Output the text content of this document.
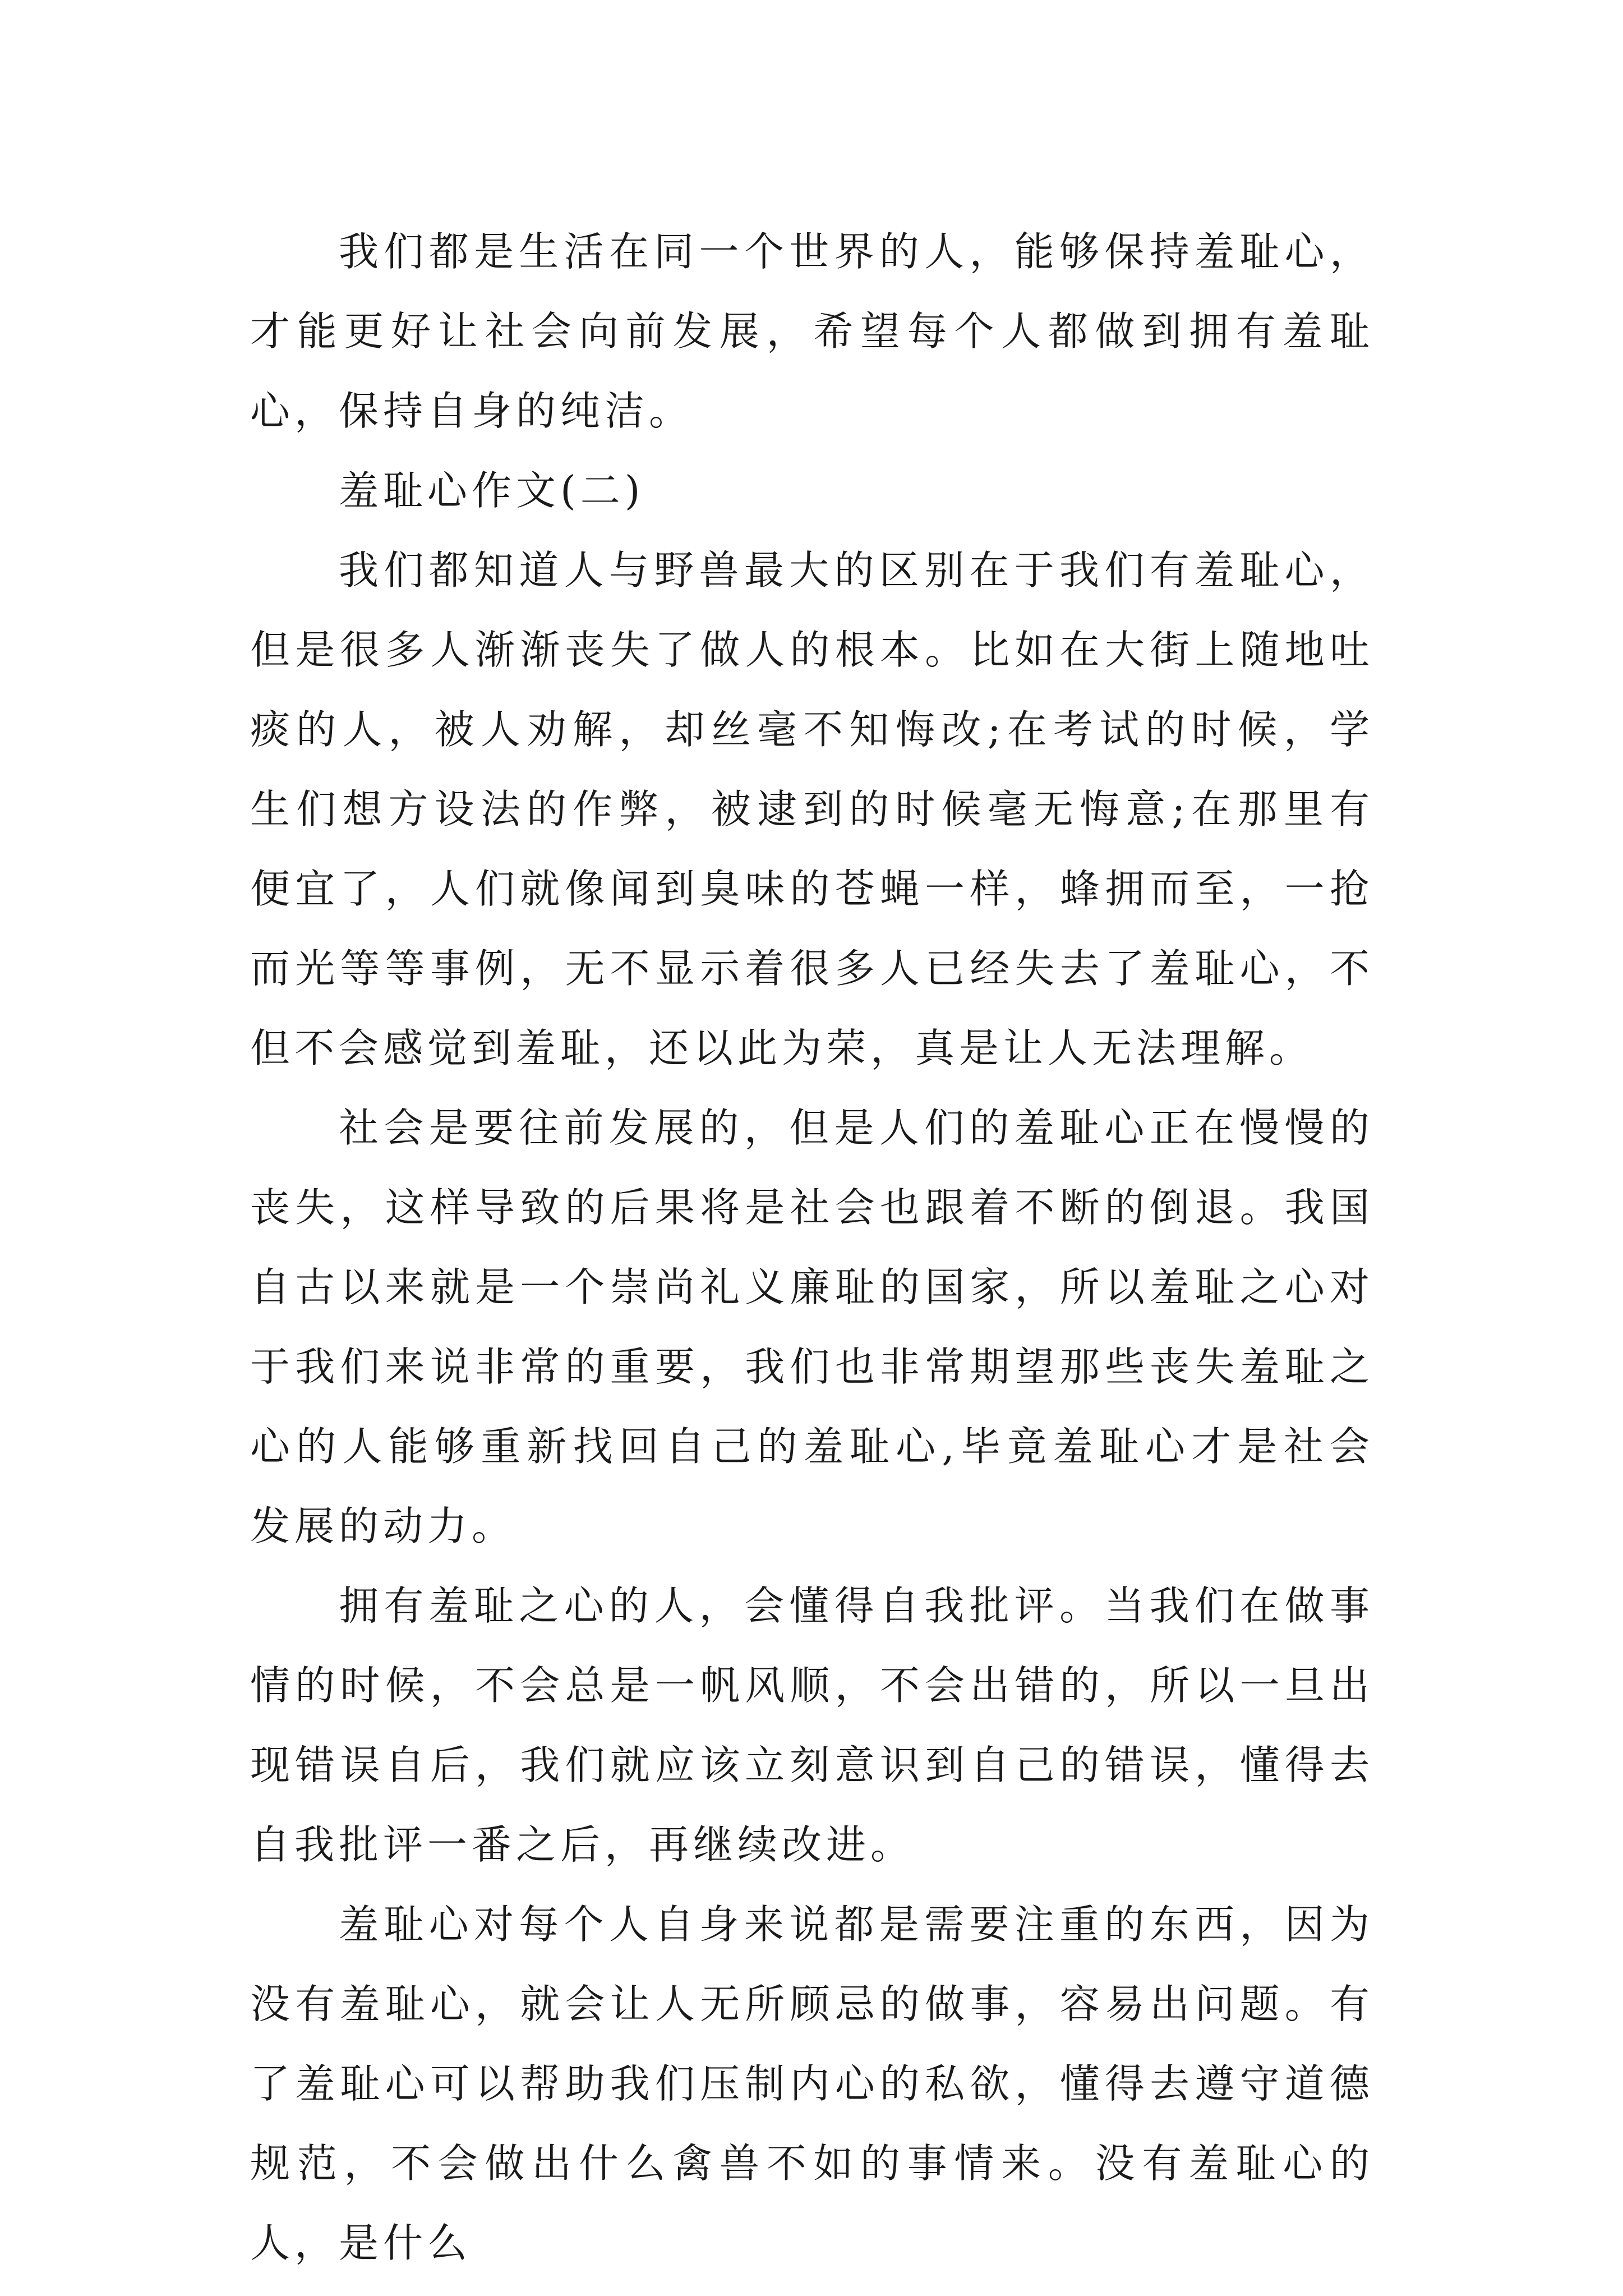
我们都是生活在同一个世界的人，能够保持羞耻心，才能更好让社会向前发展，希望每个人都做到拥有羞耻心，保持自身的纯洁。

羞耻心作文(二)

我们都知道人与野兽最大的区别在于我们有羞耻心，但是很多人渐渐丧失了做人的根本。比如在大街上随地吐痰的人，被人劝解，却丝毫不知悔改;在考试的时候，学生们想方设法的作弊，被逮到的时候毫无悔意;在那里有便宜了，人们就像闻到臭味的苍蝇一样，蜂拥而至，一抢而光等等事例，无不显示着很多人已经失去了羞耻心，不但不会感觉到羞耻，还以此为荣，真是让人无法理解。

社会是要往前发展的，但是人们的羞耻心正在慢慢的丧失，这样导致的后果将是社会也跟着不断的倒退。我国自古以来就是一个崇尚礼义廉耻的国家，所以羞耻之心对于我们来说非常的重要，我们也非常期望那些丧失羞耻之心的人能够重新找回自己的羞耻心,毕竟羞耻心才是社会发展的动力。

拥有羞耻之心的人，会懂得自我批评。当我们在做事情的时候，不会总是一帆风顺，不会出错的，所以一旦出现错误自后，我们就应该立刻意识到自己的错误，懂得去自我批评一番之后，再继续改进。

羞耻心对每个人自身来说都是需要注重的东西，因为没有羞耻心，就会让人无所顾忌的做事，容易出问题。有了羞耻心可以帮助我们压制内心的私欲，懂得去遵守道德规范，不会做出什么禽兽不如的事情来。没有羞耻心的人，是什么
